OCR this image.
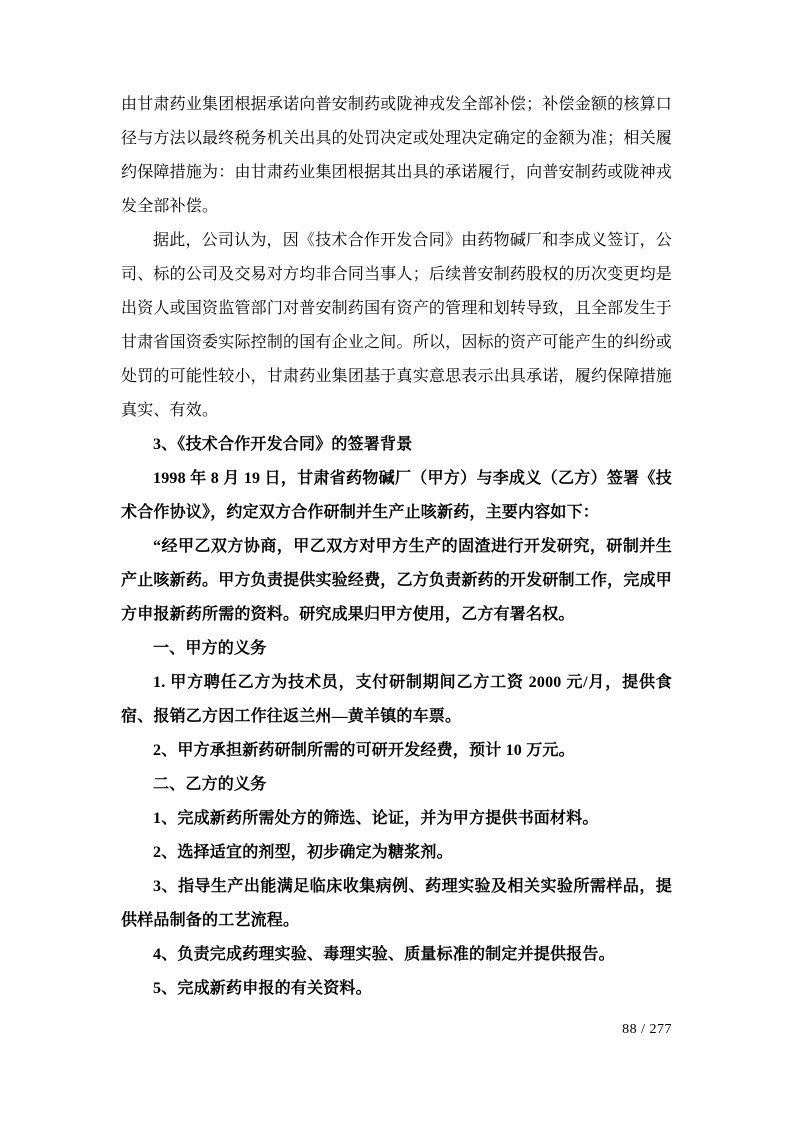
由甘肃药业集团根据承诺向普安制药或陇神戎发全部补偿；补偿金额的核算口径与方法以最终税务机关出具的处罚决定或处理决定确定的金额为准；相关履约保障措施为：由甘肃药业集团根据其出具的承诺履行，向普安制药或陇神戎发全部补偿。

据此，公司认为，因《技术合作开发合同》由药物碱厂和李成义签订，公司、标的公司及交易对方均非合同当事人；后续普安制药股权的历次变更均是出资人或国资监管部门对普安制药国有资产的管理和划转导致，且全部发生于甘肃省国资委实际控制的国有企业之间。所以，因标的资产可能产生的纠纷或处罚的可能性较小，甘肃药业集团基于真实意思表示出具承诺，履约保障措施真实、有效。

3、《技术合作开发合同》的签署背景

1998 年 8 月 19 日，甘肃省药物碱厂（甲方）与李成义（乙方）签署《技术合作协议》，约定双方合作研制并生产止咳新药，主要内容如下：

“经甲乙双方协商，甲乙双方对甲方生产的固渣进行开发研究，研制并生产止咳新药。甲方负责提供实验经费，乙方负责新药的开发研制工作，完成甲方申报新药所需的资料。研究成果归甲方使用，乙方有署名权。

一、甲方的义务

1. 甲方聘任乙方为技术员，支付研制期间乙方工资 2000 元/月，提供食宿、报销乙方因工作往返兰州—黄羊镇的车票。

2、甲方承担新药研制所需的可研开发经费，预计 10 万元。

二、乙方的义务

1、完成新药所需处方的筛选、论证，并为甲方提供书面材料。

2、选择适宜的剂型，初步确定为糖浆剂。

3、指导生产出能满足临床收集病例、药理实验及相关实验所需样品，提供样品制备的工艺流程。

4、负责完成药理实验、毒理实验、质量标准的制定并提供报告。

5、完成新药申报的有关资料。

88 / 277
